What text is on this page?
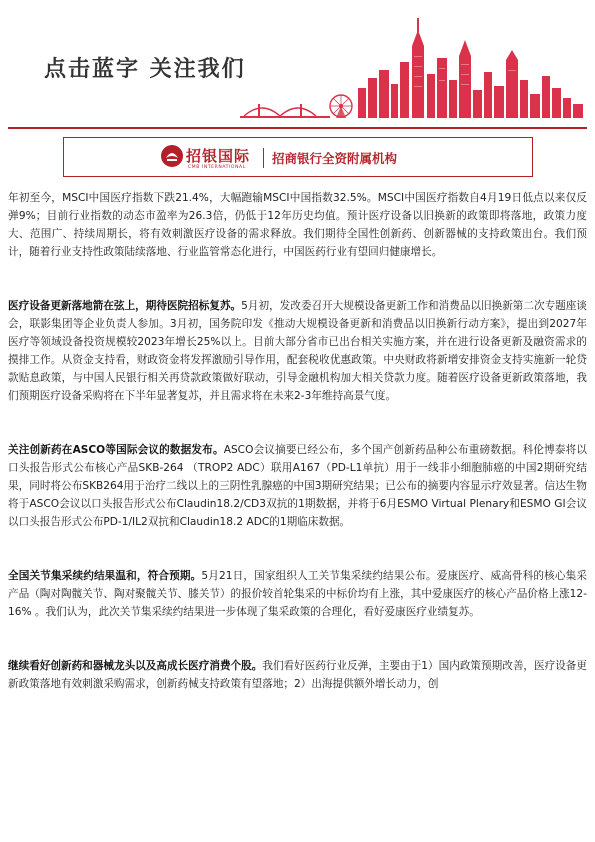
点击蓝字 关注我们
招银国际
CMB INTERNATIONAL
招商银行全资附属机构

年初至今，MSCI中国医疗指数下跌21.4%，大幅跑输MSCI中国指数32.5%。MSCI中国医疗指数自4月19日低点以来仅反弹9%；目前行业指数的动态市盈率为26.3倍，仍低于12年历史均值。预计医疗设备以旧换新的政策即将落地，政策力度大、范围广、持续周期长，将有效刺激医疗设备的需求释放。我们期待全国性创新药、创新器械的支持政策出台。我们预计，随着行业支持性政策陆续落地、行业监管常态化进行，中国医药行业有望回归健康增长。

医疗设备更新落地箭在弦上，期待医院招标复苏。5月初，发改委召开大规模设备更新工作和消费品以旧换新第二次专题座谈会，联影集团等企业负责人参加。3月初，国务院印发《推动大规模设备更新和消费品以旧换新行动方案》，提出到2027年医疗等领域设备投资规模较2023年增长25%以上。目前大部分省市已出台相关实施方案，并在进行设备更新及融资需求的摸排工作。从资金支持看，财政资金将发挥激励引导作用，配套税收优惠政策。中央财政将新增安排资金支持实施新一轮贷款贴息政策，与中国人民银行相关再贷款政策做好联动，引导金融机构加大相关贷款力度。随着医疗设备更新政策落地，我们预期医疗设备采购将在下半年显著复苏，并且需求将在未来2-3年维持高景气度。

关注创新药在ASCO等国际会议的数据发布。ASCO会议摘要已经公布，多个国产创新药品种公布重磅数据。科伦博泰将以口头报告形式公布核心产品SKB-264 （TROP2 ADC）联用A167（PD-L1单抗）用于一线非小细胞肺癌的中国2期研究结果，同时将公布SKB264用于治疗二线以上的三阴性乳腺癌的中国3期研究结果；已公布的摘要内容显示疗效显著。信达生物将于ASCO会议以口头报告形式公布Claudin18.2/CD3双抗的1期数据，并将于6月ESMO Virtual Plenary和ESMO GI会议以口头报告形式公布PD-1/IL2双抗和Claudin18.2 ADC的1期临床数据。

全国关节集采续约结果温和，符合预期。5月21日，国家组织人工关节集采续约结果公布。爱康医疗、威高骨科的核心集采产品（陶对陶髋关节、陶对聚髋关节、膝关节）的报价较首轮集采的中标价均有上涨，其中爱康医疗的核心产品价格上涨12-16% 。我们认为，此次关节集采续约结果进一步体现了集采政策的合理化，看好爱康医疗业绩复苏。

继续看好创新药和器械龙头以及高成长医疗消费个股。我们看好医药行业反弹，主要由于1）国内政策预期改善，医疗设备更新政策落地有效刺激采购需求，创新药械支持政策有望落地；2）出海提供额外增长动力，创
